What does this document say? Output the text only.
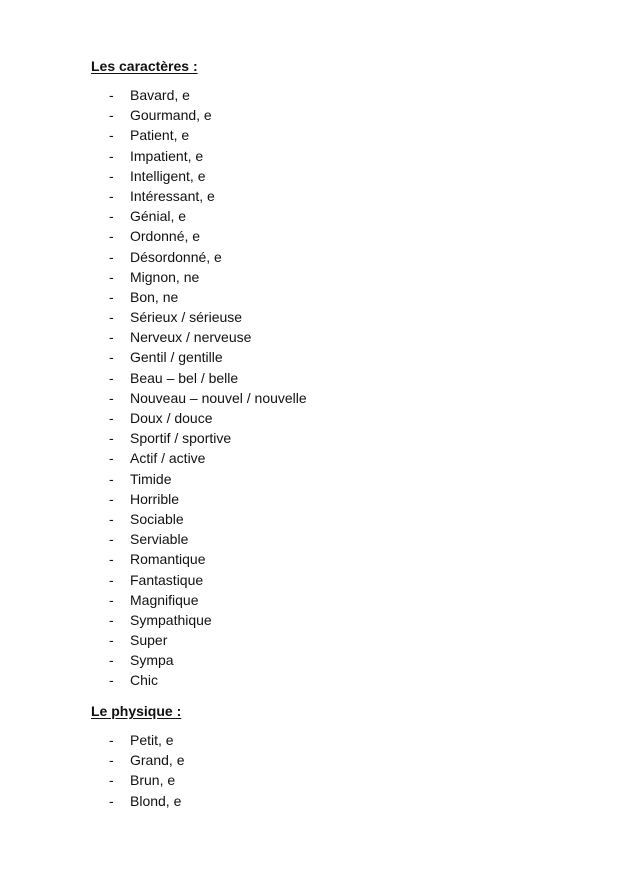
Les caractères :
- Bavard, e
- Gourmand, e
- Patient, e
- Impatient, e
- Intelligent, e
- Intéressant, e
- Génial, e
- Ordonné, e
- Désordonné, e
- Mignon, ne
- Bon, ne
- Sérieux / sérieuse
- Nerveux / nerveuse
- Gentil / gentille
- Beau – bel / belle
- Nouveau – nouvel / nouvelle
- Doux / douce
- Sportif / sportive
- Actif / active
- Timide
- Horrible
- Sociable
- Serviable
- Romantique
- Fantastique
- Magnifique
- Sympathique
- Super
- Sympa
- Chic
Le physique :
- Petit, e
- Grand, e
- Brun, e
- Blond, e
